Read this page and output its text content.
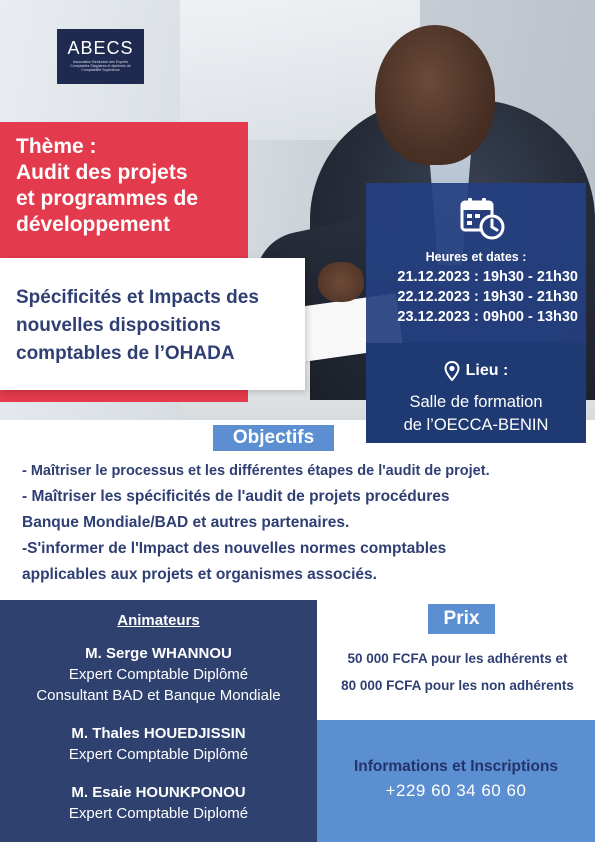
ABECS
Association Béninoise des Experts Comptables Stagiaires et diplômés de Comptabilité Supérieure
Thème :
Audit des projets
et programmes de
développement
Spécificités et Impacts des
nouvelles dispositions
comptables de l’OHADA
Heures et dates :
21.12.2023 : 19h30 - 21h30
22.12.2023 : 19h30 - 21h30
23.12.2023 : 09h00 - 13h30
Lieu :
Salle de formation
de l’OECCA-BENIN
Objectifs
- Maîtriser le processus et les différentes étapes de l'audit de projet.
- Maîtriser les spécificités de l'audit de projets procédures
Banque Mondiale/BAD et autres partenaires.
-S'informer de l'Impact des nouvelles normes comptables
applicables aux projets et organismes associés.
Animateurs
M. Serge WHANNOU
Expert Comptable Diplômé
Consultant BAD et Banque Mondiale
M. Thales HOUEDJISSIN
Expert Comptable Diplômé
M. Esaie HOUNKPONOU
Expert Comptable Diplomé
Prix
50 000 FCFA pour les adhérents et
80 000 FCFA pour les non adhérents
Informations et Inscriptions
+229 60 34 60 60
